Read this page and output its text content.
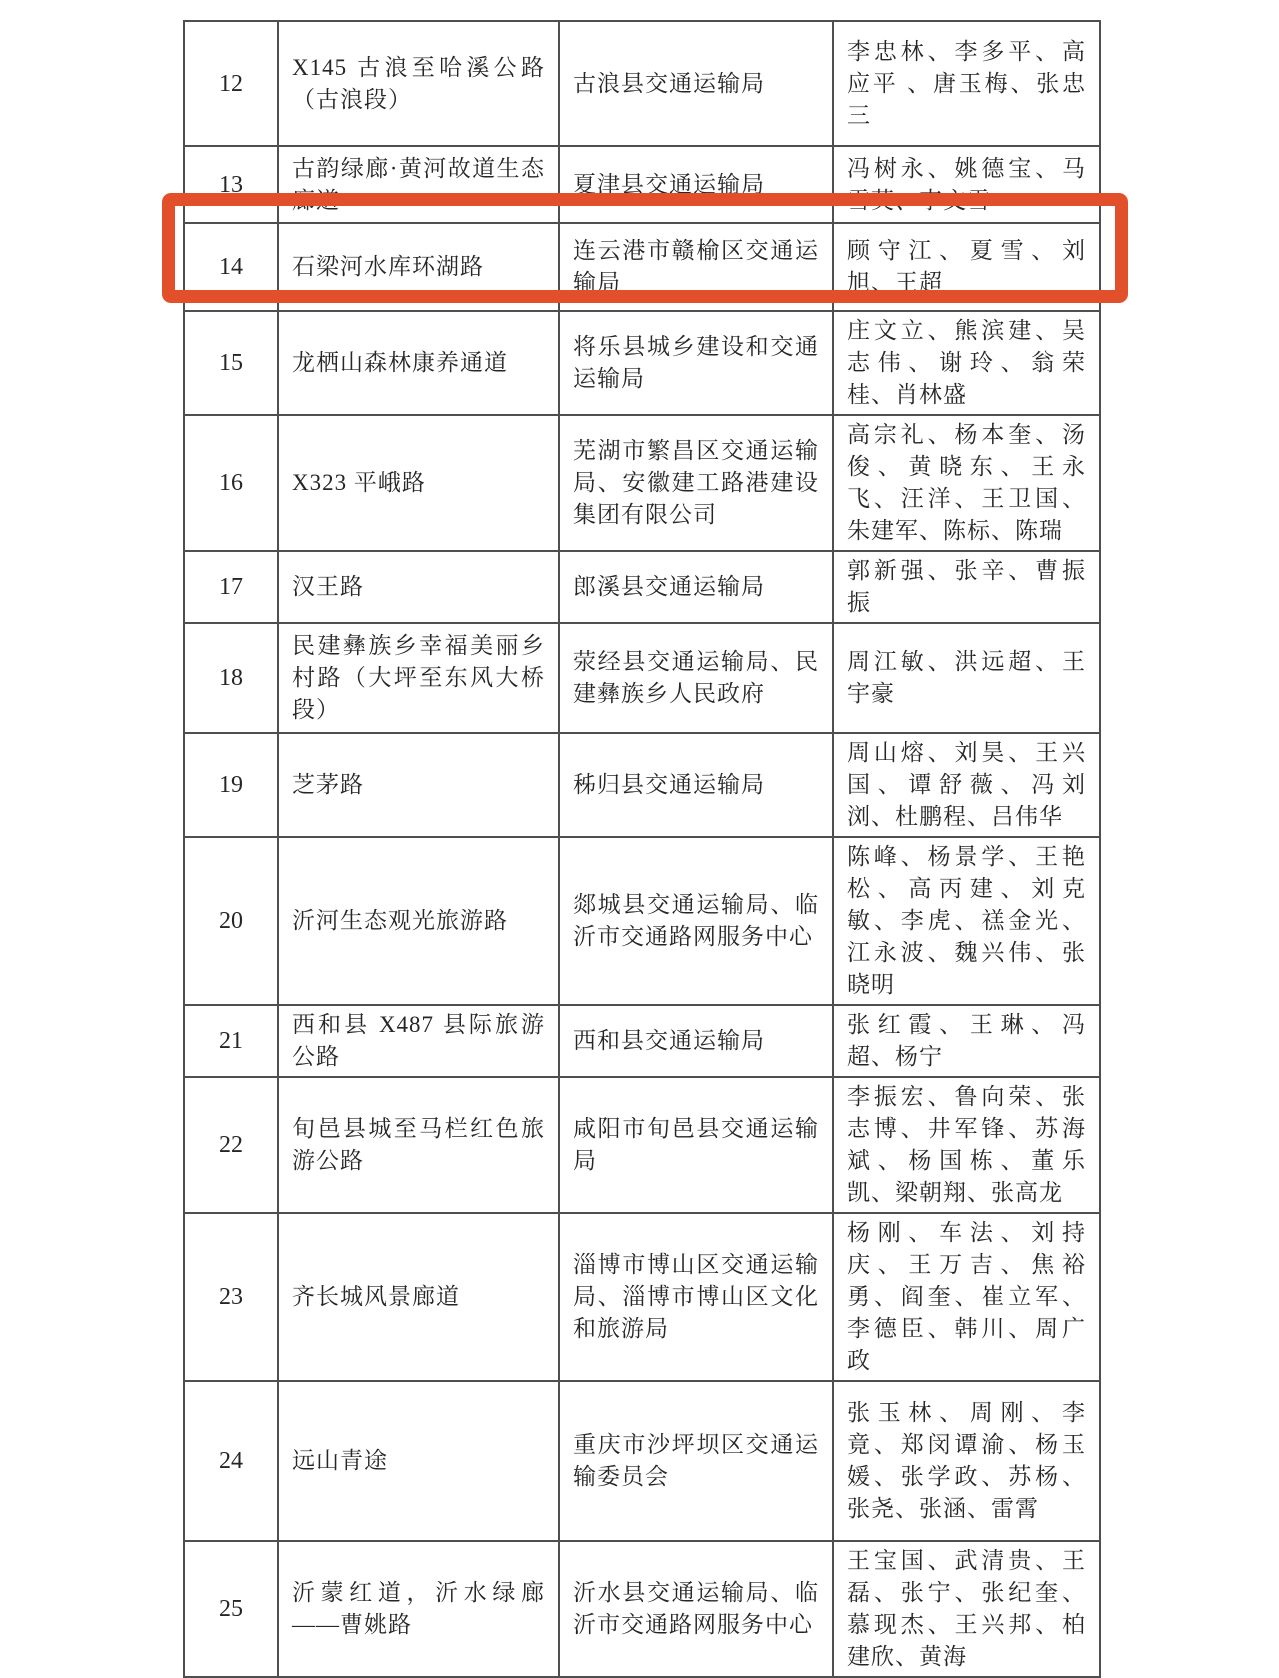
12	X145 古浪至哈溪公路（古浪段）	古浪县交通运输局	李忠林、李多平、高应平 、唐玉梅、张忠三
13	古韵绿廊·黄河故道生态廊道	夏津县交通运输局	冯树永、姚德宝、马雪英、李文雪
14	石梁河水库环湖路	连云港市赣榆区交通运输局	顾守江、夏雪、刘旭、王超
15	龙栖山森林康养通道	将乐县城乡建设和交通运输局	庄文立、熊滨建、吴志伟、谢玲、翁荣桂、肖林盛
16	X323 平峨路	芜湖市繁昌区交通运输局、安徽建工路港建设集团有限公司	高宗礼、杨本奎、汤俊、黄晓东、王永飞、汪洋、王卫国、朱建军、陈标、陈瑞
17	汉王路	郎溪县交通运输局	郭新强、张辛、曹振振
18	民建彝族乡幸福美丽乡村路（大坪至东风大桥段）	荥经县交通运输局、民建彝族乡人民政府	周江敏、洪远超、王宇豪
19	芝茅路	秭归县交通运输局	周山熔、刘昊、王兴国、谭舒薇、冯刘浏、杜鹏程、吕伟华
20	沂河生态观光旅游路	郯城县交通运输局、临沂市交通路网服务中心	陈峰、杨景学、王艳松、高丙建、刘克敏、李虎、禚金光、江永波、魏兴伟、张晓明
21	西和县 X487 县际旅游公路	西和县交通运输局	张红霞、王琳、冯超、杨宁
22	旬邑县城至马栏红色旅游公路	咸阳市旬邑县交通运输局	李振宏、鲁向荣、张志博、井军锋、苏海斌、杨国栋、董乐凯、梁朝翔、张高龙
23	齐长城风景廊道	淄博市博山区交通运输局、淄博市博山区文化和旅游局	杨刚、车法、刘持庆、王万吉、焦裕勇、阎奎、崔立军、李德臣、韩川、周广政
24	远山青途	重庆市沙坪坝区交通运输委员会	张玉林、周刚、李竟、郑闵谭渝、杨玉媛、张学政、苏杨、张尧、张涵、雷霄
25	沂蒙红道，沂水绿廊——曹姚路	沂水县交通运输局、临沂市交通路网服务中心	王宝国、武清贵、王磊、张宁、张纪奎、慕现杰、王兴邦、柏建欣、黄海
